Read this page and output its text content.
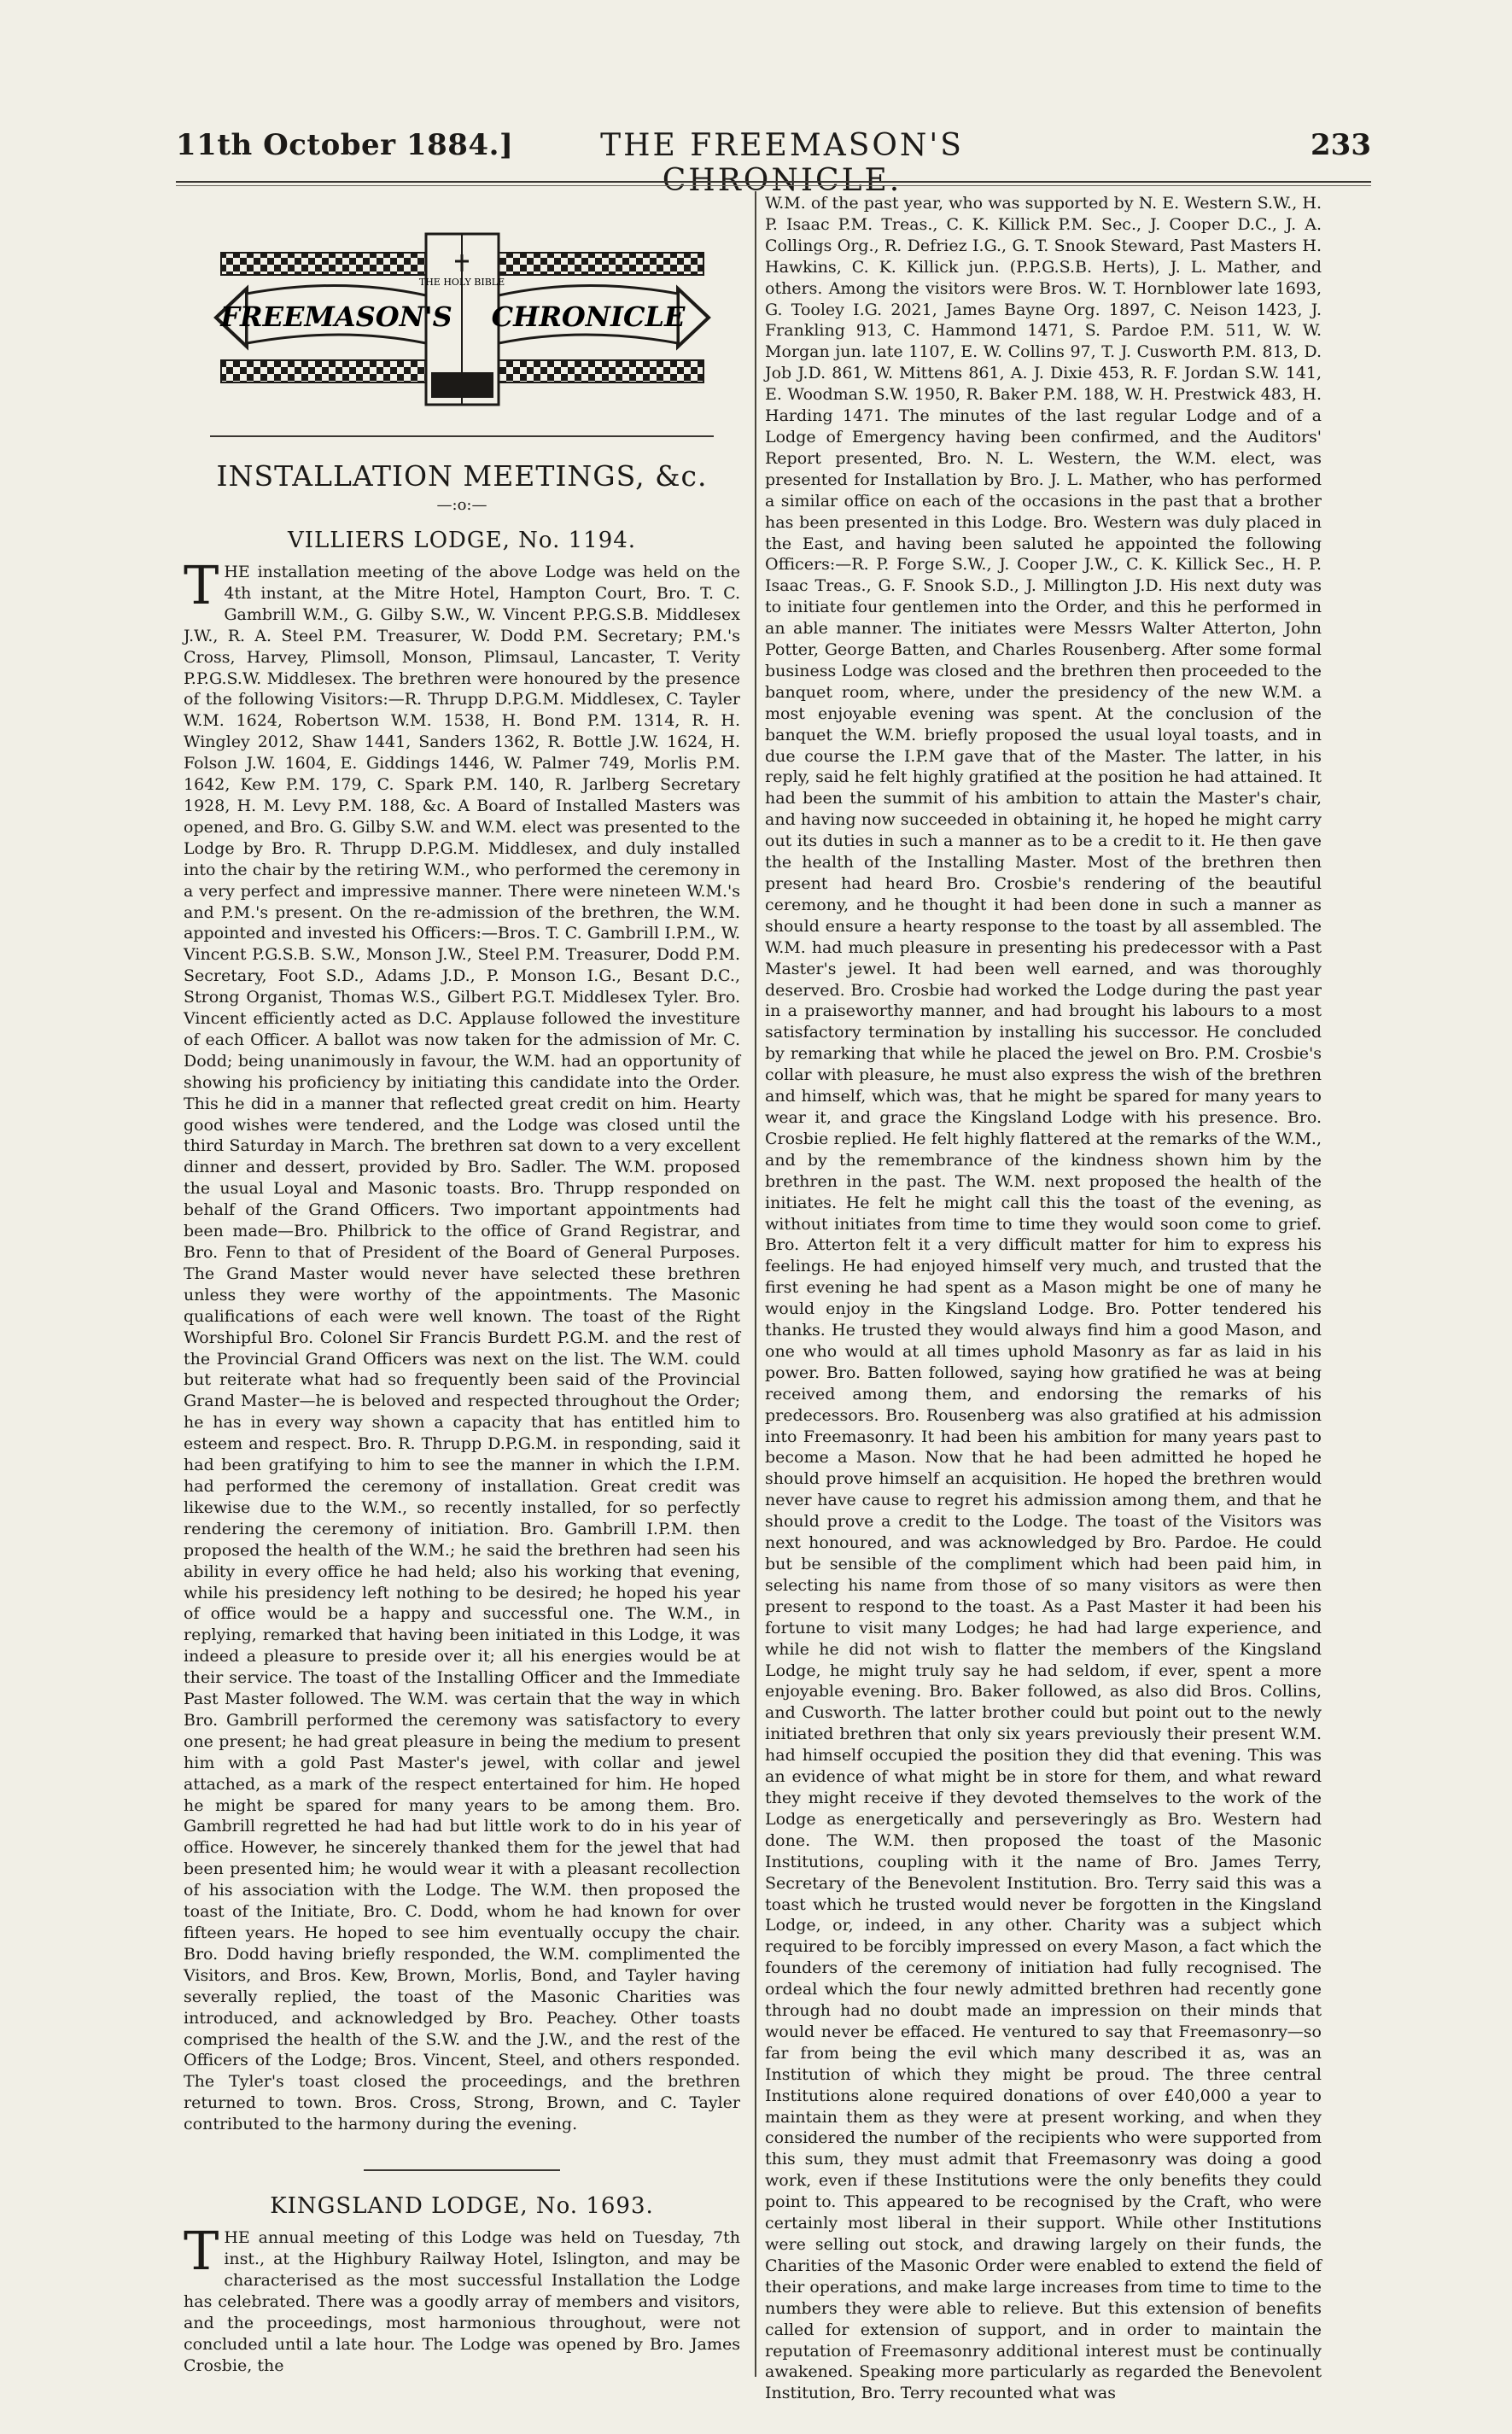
11th October 1884.]	THE FREEMASON'S CHRONICLE.
233
THE HOLY BIBLE
FREEMASON'S CHRONICLE
INSTALLATION MEETINGS, &c.
—:o:—
VILLIERS LODGE, No. 1194.

THE installation meeting of the above Lodge was held on the 4th instant, at the Mitre Hotel, Hampton Court, Bro. T. C. Gambrill W.M., G. Gilby S.W., W. Vincent P.P.G.S.B. Middlesex J.W., R. A. Steel P.M. Treasurer, W. Dodd P.M. Secretary; P.M.'s Cross, Harvey, Plimsoll, Monson, Plimsaul, Lancaster, T. Verity P.P.G.S.W. Middlesex. The brethren were honoured by the presence of the following Visitors:—R. Thrupp D.P.G.M. Middlesex, C. Tayler W.M. 1624, Robertson W.M. 1538, H. Bond P.M. 1314, R. H. Wingley 2012, Shaw 1441, Sanders 1362, R. Bottle J.W. 1624, H. Folson J.W. 1604, E. Giddings 1446, W. Palmer 749, Morlis P.M. 1642, Kew P.M. 179, C. Spark P.M. 140, R. Jarlberg Secretary 1928, H. M. Levy P.M. 188, &c. A Board of Installed Masters was opened, and Bro. G. Gilby S.W. and W.M. elect was presented to the Lodge by Bro. R. Thrupp D.P.G.M. Middlesex, and duly installed into the chair by the retiring W.M., who performed the ceremony in a very perfect and impressive manner. There were nineteen W.M.'s and P.M.'s present. On the re-admission of the brethren, the W.M. appointed and invested his Officers:—Bros. T. C. Gambrill I.P.M., W. Vincent P.G.S.B. S.W., Monson J.W., Steel P.M. Treasurer, Dodd P.M. Secretary, Foot S.D., Adams J.D., P. Monson I.G., Besant D.C., Strong Organist, Thomas W.S., Gilbert P.G.T. Middlesex Tyler. Bro. Vincent efficiently acted as D.C. Applause followed the investiture of each Officer. A ballot was now taken for the admission of Mr. C. Dodd; being unanimously in favour, the W.M. had an opportunity of showing his proficiency by initiating this candidate into the Order. This he did in a manner that reflected great credit on him. Hearty good wishes were tendered, and the Lodge was closed until the third Saturday in March. The brethren sat down to a very excellent dinner and dessert, provided by Bro. Sadler. The W.M. proposed the usual Loyal and Masonic toasts. Bro. Thrupp responded on behalf of the Grand Officers. Two important appointments had been made—Bro. Philbrick to the office of Grand Registrar, and Bro. Fenn to that of President of the Board of General Purposes. The Grand Master would never have selected these brethren unless they were worthy of the appointments. The Masonic qualifications of each were well known. The toast of the Right Worshipful Bro. Colonel Sir Francis Burdett P.G.M. and the rest of the Provincial Grand Officers was next on the list. The W.M. could but reiterate what had so frequently been said of the Provincial Grand Master—he is beloved and respected throughout the Order; he has in every way shown a capacity that has entitled him to esteem and respect. Bro. R. Thrupp D.P.G.M. in responding, said it had been gratifying to him to see the manner in which the I.P.M. had performed the ceremony of installation. Great credit was likewise due to the W.M., so recently installed, for so perfectly rendering the ceremony of initiation. Bro. Gambrill I.P.M. then proposed the health of the W.M.; he said the brethren had seen his ability in every office he had held; also his working that evening, while his presidency left nothing to be desired; he hoped his year of office would be a happy and successful one. The W.M., in replying, remarked that having been initiated in this Lodge, it was indeed a pleasure to preside over it; all his energies would be at their service. The toast of the Installing Officer and the Immediate Past Master followed. The W.M. was certain that the way in which Bro. Gambrill performed the ceremony was satisfactory to every one present; he had great pleasure in being the medium to present him with a gold Past Master's jewel, with collar and jewel attached, as a mark of the respect entertained for him. He hoped he might be spared for many years to be among them. Bro. Gambrill regretted he had had but little work to do in his year of office. However, he sincerely thanked them for the jewel that had been presented him; he would wear it with a pleasant recollection of his association with the Lodge. The W.M. then proposed the toast of the Initiate, Bro. C. Dodd, whom he had known for over fifteen years. He hoped to see him eventually occupy the chair. Bro. Dodd having briefly responded, the W.M. complimented the Visitors, and Bros. Kew, Brown, Morlis, Bond, and Tayler having severally replied, the toast of the Masonic Charities was introduced, and acknowledged by Bro. Peachey. Other toasts comprised the health of the S.W. and the J.W., and the rest of the Officers of the Lodge; Bros. Vincent, Steel, and others responded. The Tyler's toast closed the proceedings, and the brethren returned to town. Bros. Cross, Strong, Brown, and C. Tayler contributed to the harmony during the evening.

KINGSLAND LODGE, No. 1693.

THE annual meeting of this Lodge was held on Tuesday, 7th inst., at the Highbury Railway Hotel, Islington, and may be characterised as the most successful Installation the Lodge has celebrated. There was a goodly array of members and visitors, and the proceedings, most harmonious throughout, were not concluded until a late hour. The Lodge was opened by Bro. James Crosbie, the

W.M. of the past year, who was supported by N. E. Western S.W., H. P. Isaac P.M. Treas., C. K. Killick P.M. Sec., J. Cooper D.C., J. A. Collings Org., R. Defriez I.G., G. T. Snook Steward, Past Masters H. Hawkins, C. K. Killick jun. (P.P.G.S.B. Herts), J. L. Mather, and others. Among the visitors were Bros. W. T. Hornblower late 1693, G. Tooley I.G. 2021, James Bayne Org. 1897, C. Neison 1423, J. Frankling 913, C. Hammond 1471, S. Pardoe P.M. 511, W. W. Morgan jun. late 1107, E. W. Collins 97, T. J. Cusworth P.M. 813, D. Job J.D. 861, W. Mittens 861, A. J. Dixie 453, R. F. Jordan S.W. 141, E. Woodman S.W. 1950, R. Baker P.M. 188, W. H. Prestwick 483, H. Harding 1471. The minutes of the last regular Lodge and of a Lodge of Emergency having been confirmed, and the Auditors' Report presented, Bro. N. L. Western, the W.M. elect, was presented for Installation by Bro. J. L. Mather, who has performed a similar office on each of the occasions in the past that a brother has been presented in this Lodge. Bro. Western was duly placed in the East, and having been saluted he appointed the following Officers:—R. P. Forge S.W., J. Cooper J.W., C. K. Killick Sec., H. P. Isaac Treas., G. F. Snook S.D., J. Millington J.D. His next duty was to initiate four gentlemen into the Order, and this he performed in an able manner. The initiates were Messrs Walter Atterton, John Potter, George Batten, and Charles Rousenberg. After some formal business Lodge was closed and the brethren then proceeded to the banquet room, where, under the presidency of the new W.M. a most enjoyable evening was spent. At the conclusion of the banquet the W.M. briefly proposed the usual loyal toasts, and in due course the I.P.M gave that of the Master. The latter, in his reply, said he felt highly gratified at the position he had attained. It had been the summit of his ambition to attain the Master's chair, and having now succeeded in obtaining it, he hoped he might carry out its duties in such a manner as to be a credit to it. He then gave the health of the Installing Master. Most of the brethren then present had heard Bro. Crosbie's rendering of the beautiful ceremony, and he thought it had been done in such a manner as should ensure a hearty response to the toast by all assembled. The W.M. had much pleasure in presenting his predecessor with a Past Master's jewel. It had been well earned, and was thoroughly deserved. Bro. Crosbie had worked the Lodge during the past year in a praiseworthy manner, and had brought his labours to a most satisfactory termination by installing his successor. He concluded by remarking that while he placed the jewel on Bro. P.M. Crosbie's collar with pleasure, he must also express the wish of the brethren and himself, which was, that he might be spared for many years to wear it, and grace the Kingsland Lodge with his presence. Bro. Crosbie replied. He felt highly flattered at the remarks of the W.M., and by the remembrance of the kindness shown him by the brethren in the past. The W.M. next proposed the health of the initiates. He felt he might call this the toast of the evening, as without initiates from time to time they would soon come to grief. Bro. Atterton felt it a very difficult matter for him to express his feelings. He had enjoyed himself very much, and trusted that the first evening he had spent as a Mason might be one of many he would enjoy in the Kingsland Lodge. Bro. Potter tendered his thanks. He trusted they would always find him a good Mason, and one who would at all times uphold Masonry as far as laid in his power. Bro. Batten followed, saying how gratified he was at being received among them, and endorsing the remarks of his predecessors. Bro. Rousenberg was also gratified at his admission into Freemasonry. It had been his ambition for many years past to become a Mason. Now that he had been admitted he hoped he should prove himself an acquisition. He hoped the brethren would never have cause to regret his admission among them, and that he should prove a credit to the Lodge. The toast of the Visitors was next honoured, and was acknowledged by Bro. Pardoe. He could but be sensible of the compliment which had been paid him, in selecting his name from those of so many visitors as were then present to respond to the toast. As a Past Master it had been his fortune to visit many Lodges; he had had large experience, and while he did not wish to flatter the members of the Kingsland Lodge, he might truly say he had seldom, if ever, spent a more enjoyable evening. Bro. Baker followed, as also did Bros. Collins, and Cusworth. The latter brother could but point out to the newly initiated brethren that only six years previously their present W.M. had himself occupied the position they did that evening. This was an evidence of what might be in store for them, and what reward they might receive if they devoted themselves to the work of the Lodge as energetically and perseveringly as Bro. Western had done. The W.M. then proposed the toast of the Masonic Institutions, coupling with it the name of Bro. James Terry, Secretary of the Benevolent Institution. Bro. Terry said this was a toast which he trusted would never be forgotten in the Kingsland Lodge, or, indeed, in any other. Charity was a subject which required to be forcibly impressed on every Mason, a fact which the founders of the ceremony of initiation had fully recognised. The ordeal which the four newly admitted brethren had recently gone through had no doubt made an impression on their minds that would never be effaced. He ventured to say that Freemasonry—so far from being the evil which many described it as, was an Institution of which they might be proud. The three central Institutions alone required donations of over £40,000 a year to maintain them as they were at present working, and when they considered the number of the recipients who were supported from this sum, they must admit that Freemasonry was doing a good work, even if these Institutions were the only benefits they could point to. This appeared to be recognised by the Craft, who were certainly most liberal in their support. While other Institutions were selling out stock, and drawing largely on their funds, the Charities of the Masonic Order were enabled to extend the field of their operations, and make large increases from time to time to the numbers they were able to relieve. But this extension of benefits called for extension of support, and in order to maintain the reputation of Freemasonry additional interest must be continually awakened. Speaking more particularly as regarded the Benevolent Institution, Bro. Terry recounted what was
